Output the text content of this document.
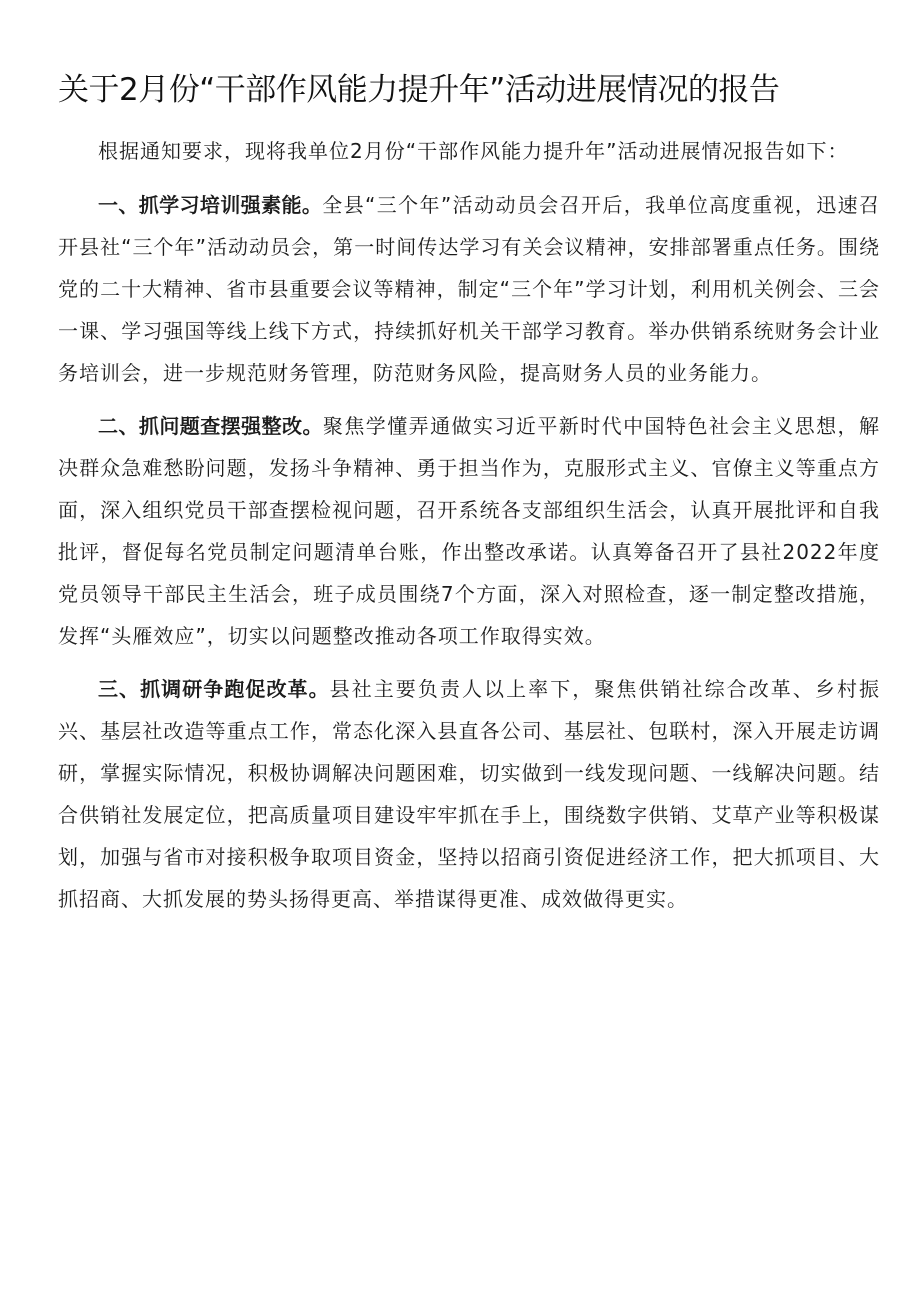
关于2月份“干部作风能力提升年”活动进展情况的报告

根据通知要求，现将我单位2月份“干部作风能力提升年”活动进展情况报告如下：

一、抓学习培训强素能。全县“三个年”活动动员会召开后，我单位高度重视，迅速召开县社“三个年”活动动员会，第一时间传达学习有关会议精神，安排部署重点任务。围绕党的二十大精神、省市县重要会议等精神，制定“三个年”学习计划，利用机关例会、三会一课、学习强国等线上线下方式，持续抓好机关干部学习教育。举办供销系统财务会计业务培训会，进一步规范财务管理，防范财务风险，提高财务人员的业务能力。

二、抓问题查摆强整改。聚焦学懂弄通做实习近平新时代中国特色社会主义思想，解决群众急难愁盼问题，发扬斗争精神、勇于担当作为，克服形式主义、官僚主义等重点方面，深入组织党员干部查摆检视问题，召开系统各支部组织生活会，认真开展批评和自我批评，督促每名党员制定问题清单台账，作出整改承诺。认真筹备召开了县社2022年度党员领导干部民主生活会，班子成员围绕7个方面，深入对照检查，逐一制定整改措施，发挥“头雁效应”，切实以问题整改推动各项工作取得实效。

三、抓调研争跑促改革。县社主要负责人以上率下，聚焦供销社综合改革、乡村振兴、基层社改造等重点工作，常态化深入县直各公司、基层社、包联村，深入开展走访调研，掌握实际情况，积极协调解决问题困难，切实做到一线发现问题、一线解决问题。结合供销社发展定位，把高质量项目建设牢牢抓在手上，围绕数字供销、艾草产业等积极谋划，加强与省市对接积极争取项目资金，坚持以招商引资促进经济工作，把大抓项目、大抓招商、大抓发展的势头扬得更高、举措谋得更准、成效做得更实。
